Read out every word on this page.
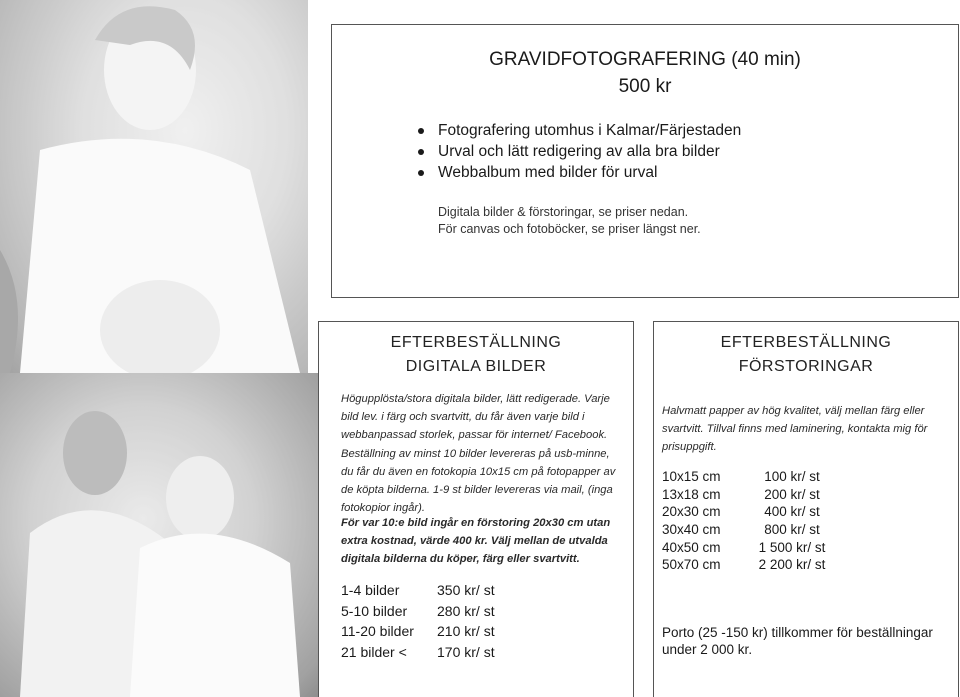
GRAVIDFOTOGRAFERING (40 min)
500 kr
Fotografering utomhus i Kalmar/Färjestaden
Urval och lätt redigering av alla bra bilder
Webbalbum med bilder för urval
Digitala bilder & förstoringar, se priser nedan.
För canvas och fotoböcker, se priser längst ner.
EFTERBESTÄLLNING
DIGITALA BILDER
Högupplösta/stora digitala bilder, lätt redigerade. Varje bild lev. i färg och svartvitt, du får även varje bild i webbanpassad storlek, passar för internet/ Facebook. Beställning av minst 10 bilder levereras på usb-minne, du får du även en fotokopia 10x15 cm på fotopapper av de köpta bilderna. 1-9 st bilder levereras via mail, (inga fotokopior ingår).
För var 10:e bild ingår en förstoring 20x30 cm utan extra kostnad, värde 400 kr. Välj mellan de utvalda digitala bilderna du köper, färg eller svartvitt.
1-4 bilder	350 kr/ st
5-10 bilder	280 kr/ st
11-20 bilder	210 kr/ st
21 bilder <	170 kr/ st
EFTERBESTÄLLNING
FÖRSTORINGAR
Halvmatt papper av hög kvalitet, välj mellan färg eller svartvitt. Tillval finns med laminering, kontakta mig för prisuppgift.
10x15 cm	100 kr/ st
13x18 cm	200 kr/ st
20x30 cm	400 kr/ st
30x40 cm	800 kr/ st
40x50 cm	1 500 kr/ st
50x70 cm	2 200 kr/ st
Porto (25 -150 kr) tillkommer för beställningar under 2 000 kr.
